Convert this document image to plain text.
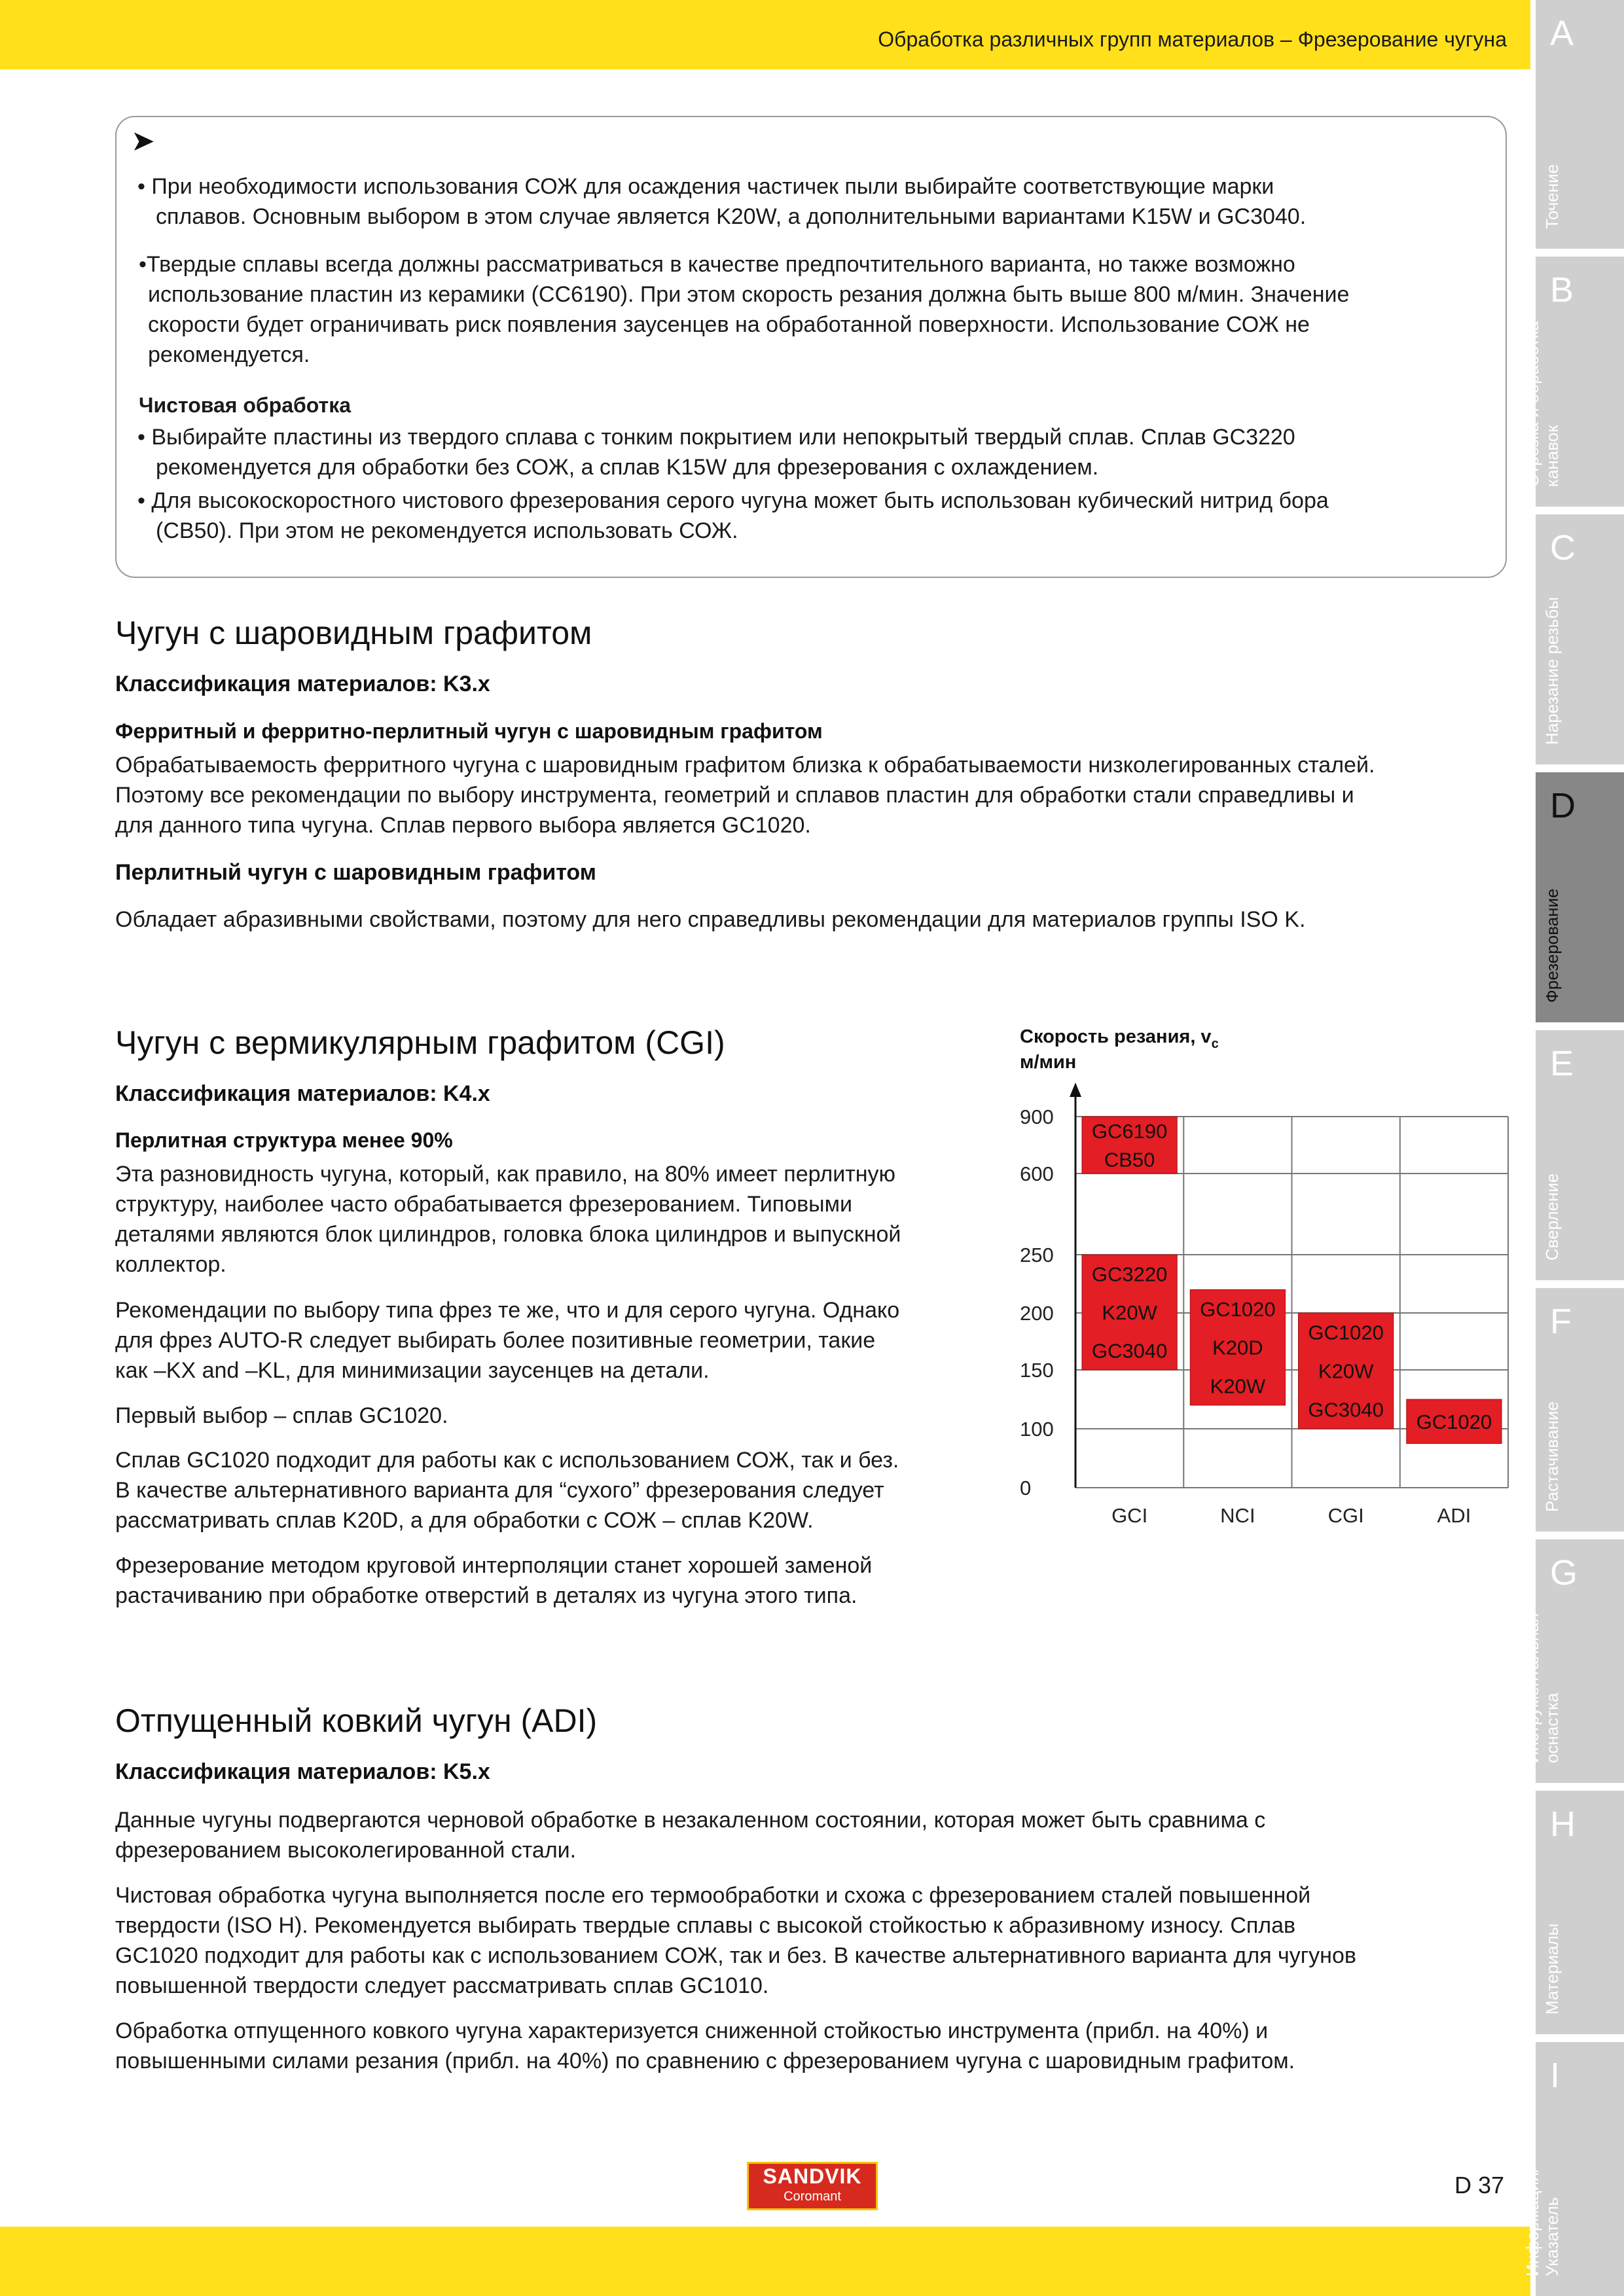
Обработка различных групп материалов – Фрезерование чугуна A
Точение
B
Отрезка и обработка канавок
C
Нарезание резьбы
D
Фрезерование
E
Сверление
F
Растачивание
G
Инструментальная оснастка
H
Материалы
I
Информация/ Указатель
➤
• При необходимости использования СОЖ для осаждения частичек пыли выбирайте соответствующие марки
сплавов. Основным выбором в этом случае является K20W, а дополнительными вариантами K15W и GC3040.
•Твердые сплавы всегда должны рассматриваться в качестве предпочтительного варианта, но также возможно
использование пластин из керамики (CC6190). При этом скорость резания должна быть выше 800 м/мин. Значение
скорости будет ограничивать риск появления заусенцев на обработанной поверхности. Использование СОЖ не
рекомендуется.
Чистовая обработка
• Выбирайте пластины из твердого сплава с тонким покрытием или непокрытый твердый сплав. Сплав GC3220
рекомендуется для обработки без СОЖ, а сплав K15W для фрезерования с охлаждением.
• Для высокоскоростного чистового фрезерования серого чугуна может быть использован кубический нитрид бора
(CB50). При этом не рекомендуется использовать СОЖ.
Чугун с шаровидным графитом
Классификация материалов: K3.x
Ферритный и ферритно-перлитный чугун с шаровидным графитом
Обрабатываемость ферритного чугуна с шаровидным графитом близка к обрабатываемости низколегированных сталей.
Поэтому все рекомендации по выбору инструмента, геометрий и сплавов пластин для обработки стали справедливы и
для данного типа чугуна. Сплав первого выбора является GC1020.
Перлитный чугун с шаровидным графитом
Обладает абразивными свойствами, поэтому для него справедливы рекомендации для материалов группы ISO K.
Чугун с вермикулярным графитом (CGI)
Классификация материалов: K4.x
Перлитная структура менее 90%
Эта разновидность чугуна, который, как правило, на 80% имеет перлитную
структуру, наиболее часто обрабатывается фрезерованием. Типовыми
деталями являются блок цилиндров, головка блока цилиндров и выпускной
коллектор.
Рекомендации по выбору типа фрез те же, что и для серого чугуна. Однако
для фрез AUTO-R следует выбирать более позитивные геометрии, такие
как –KX and –KL, для минимизации заусенцев на детали.
Первый выбор – сплав GC1020.
Сплав GC1020 подходит для работы как с использованием СОЖ, так и без.
В качестве альтернативного варианта для “сухого” фрезерования следует
рассматривать сплав K20D, а для обработки с СОЖ – сплав K20W.
Фрезерование методом круговой интерполяции станет хорошей заменой
растачиванию при обработке отверстий в деталях из чугуна этого типа.
Скорость резания, $v_c$
м/мин
0
100
150
200
250
600
900
GCI	NCI	CGI	ADI
GC3220
K20W
GC3040
GC6190
CB50
GC1020
K20D
K20W
GC1020
K20W
GC3040
GC1020
Отпущенный ковкий чугун (ADI)
Классификация материалов: K5.x
Данные чугуны подвергаются черновой обработке в незакаленном состоянии, которая может быть сравнима с
фрезерованием высоколегированной стали.
Чистовая обработка чугуна выполняется после его термообработки и схожа с фрезерованием сталей повышенной
твердости (ISO H). Рекомендуется выбирать твердые сплавы с высокой стойкостью к абразивному износу. Сплав
GC1020 подходит для работы как с использованием СОЖ, так и без. В качестве альтернативного варианта для чугунов
повышенной твердости следует рассматривать сплав GC1010.
Обработка отпущенного ковкого чугуна характеризуется сниженной стойкостью инструмента (прибл. на 40%) и
повышенными силами резания (прибл. на 40%) по сравнению с фрезерованием чугуна с шаровидным графитом.
SANDVIK
Coromant	D 37
